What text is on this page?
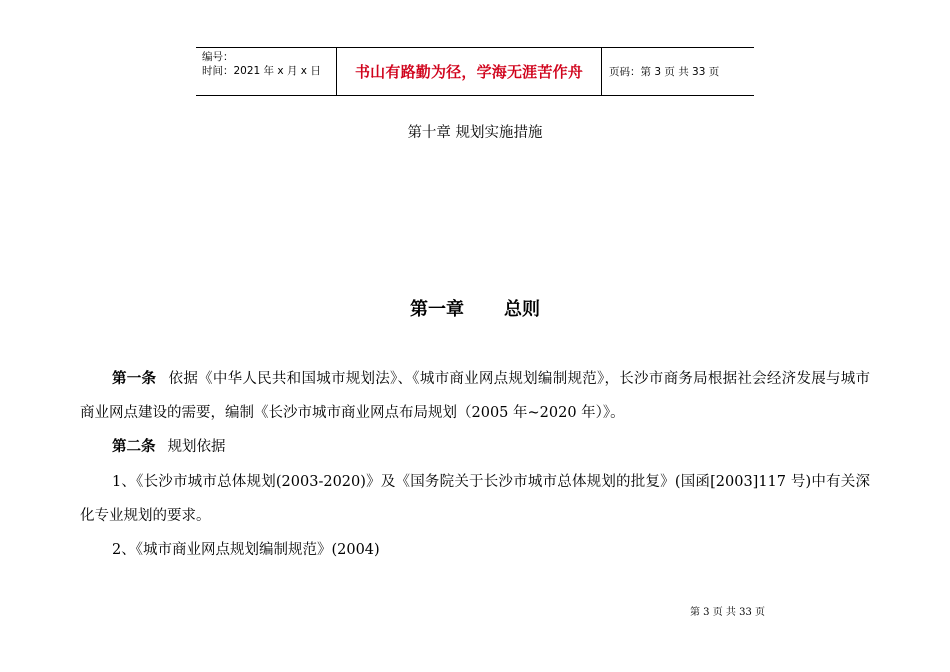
编号：
时间：2021 年 x 月 x 日	书山有路勤为径，学海无涯苦作舟	页码：第 3 页 共 33 页
第十章 规划实施措施
第一章 总则
第一条 依据《中华人民共和国城市规划法》、《城市商业网点规划编制规范》，长沙市商务局根据社会经济发展与城市商业网点建设的需要，编制《长沙市城市商业网点布局规划（2005 年~2020 年）》。
第二条 规划依据
1、《长沙市城市总体规划(2003-2020)》及《国务院关于长沙市城市总体规划的批复》(国函[2003]117 号)中有关深化专业规划的要求。
2、《城市商业网点规划编制规范》(2004)
第 3 页 共 33 页
